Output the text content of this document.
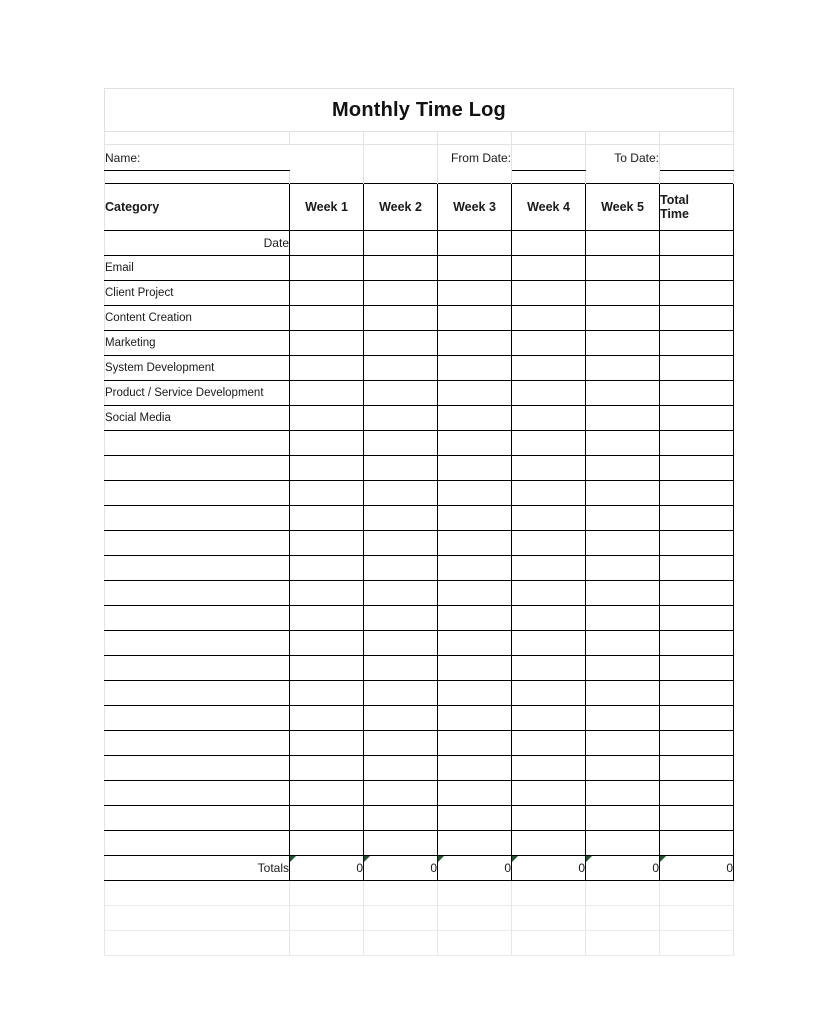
Monthly Time Log						

Name:			From Date:		To Date:	

Category	Week 1	Week 2	Week 3	Week 4	Week 5	Total
Time
Date						
Email						
Client Project						
Content Creation						
Marketing						
System Development						
Product / Service Development						
Social Media						

Totals	0	0	0	0	0	0
